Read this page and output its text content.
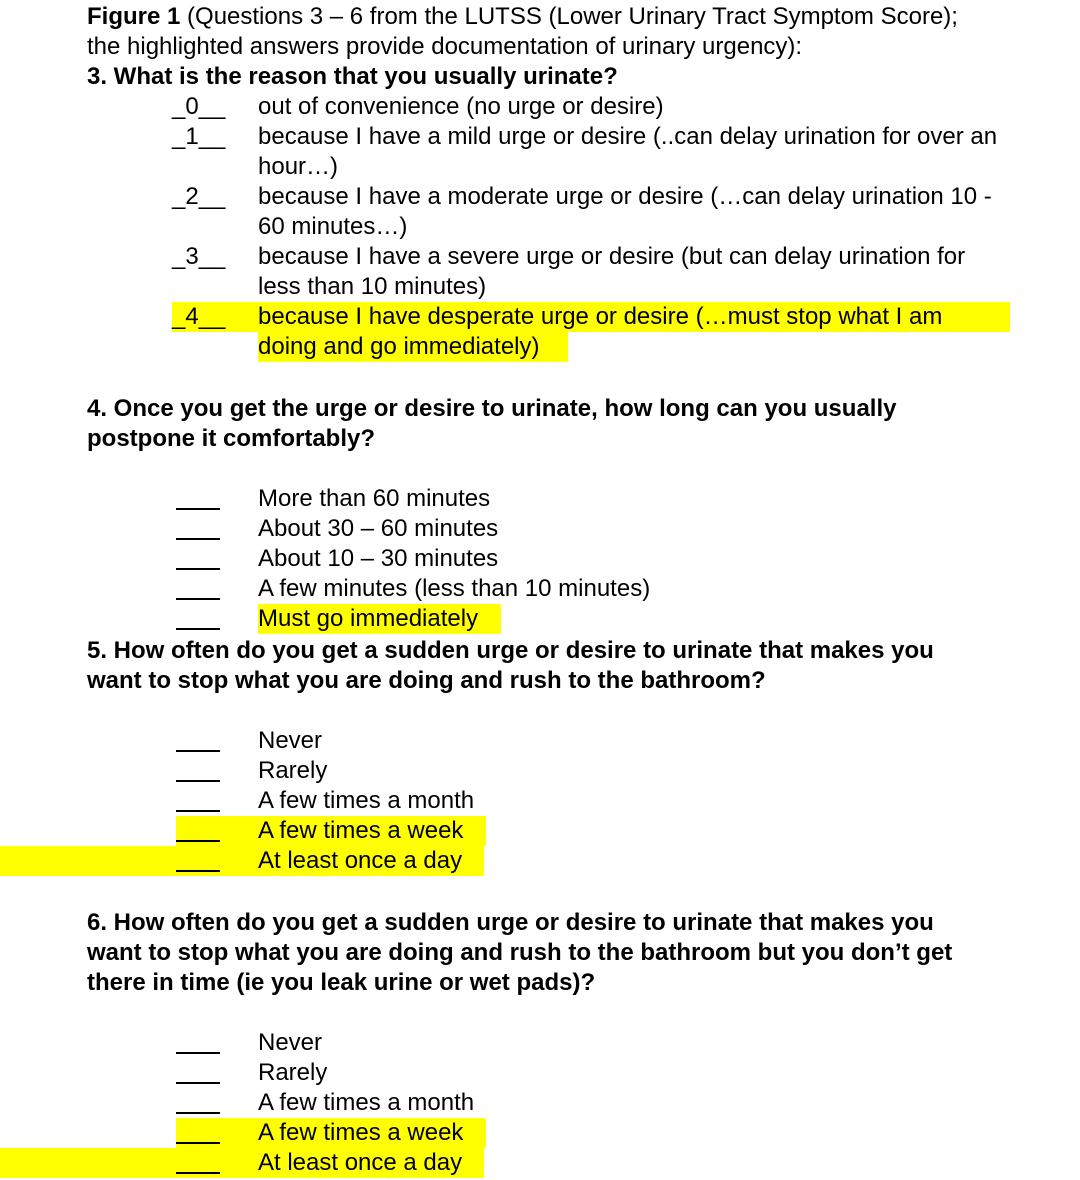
Figure 1 (Questions 3 – 6 from the LUTSS (Lower Urinary Tract Symptom Score);
the highlighted answers provide documentation of urinary urgency):
3. What is the reason that you usually urinate?
_0__ out of convenience (no urge or desire)
_1__ because I have a mild urge or desire (..can delay urination for over an
hour…)
_2__ because I have a moderate urge or desire (…can delay urination 10 -
60 minutes…)
_3__ because I have a severe urge or desire (but can delay urination for
less than 10 minutes)
_4__ because I have desperate urge or desire (…must stop what I am
doing and go immediately)
4. Once you get the urge or desire to urinate, how long can you usually
postpone it comfortably?
More than 60 minutes
About 30 – 60 minutes
About 10 – 30 minutes
A few minutes (less than 10 minutes)
Must go immediately
5. How often do you get a sudden urge or desire to urinate that makes you
want to stop what you are doing and rush to the bathroom?
Never
Rarely
A few times a month
A few times a week
At least once a day
6. How often do you get a sudden urge or desire to urinate that makes you
want to stop what you are doing and rush to the bathroom but you don’t get
there in time (ie you leak urine or wet pads)?
Never
Rarely
A few times a month
A few times a week
At least once a day
